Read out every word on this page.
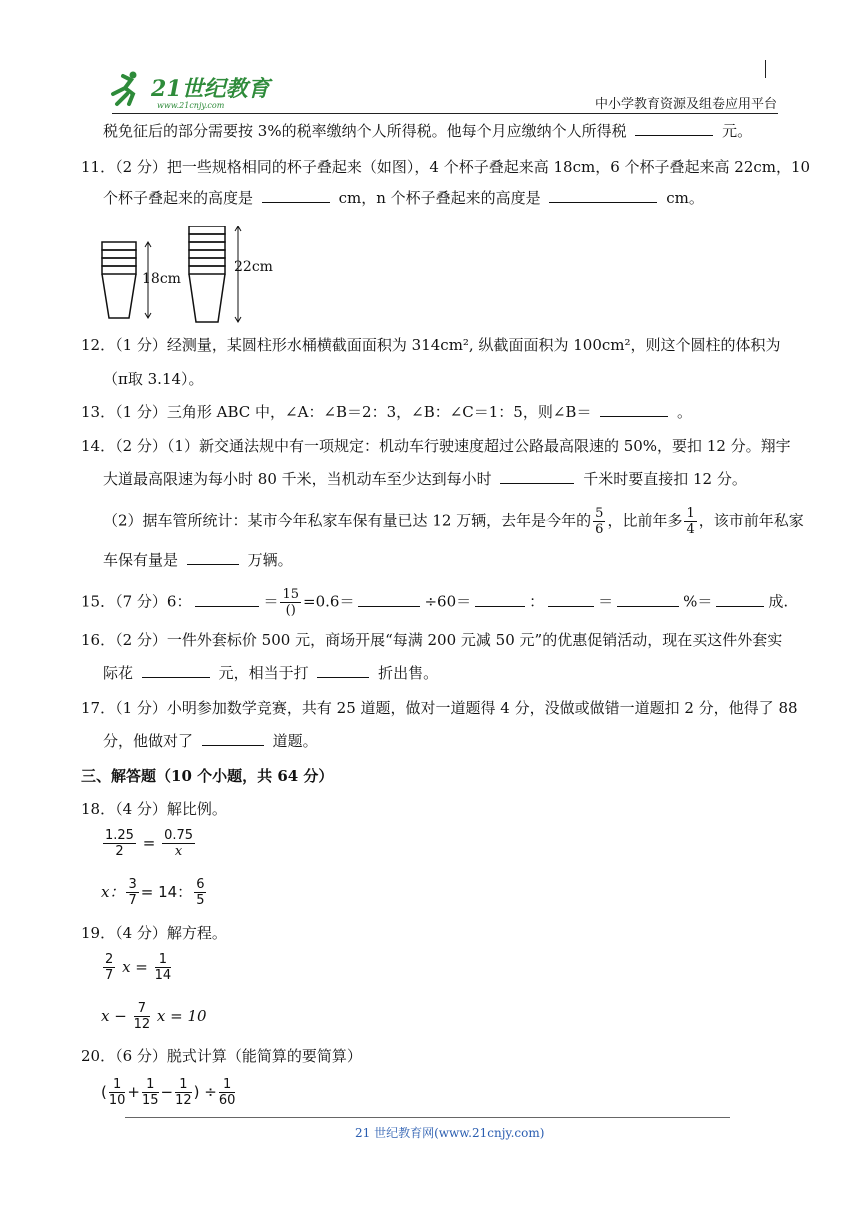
21世纪教育
www.21cnjy.com	中小学教育资源及组卷应用平台
税免征后的部分需要按 3%的税率缴纳个人所得税。他每个月应缴纳个人所得税	元。
11．（2 分）把一些规格相同的杯子叠起来（如图），4 个杯子叠起来高 18cm，6 个杯子叠起来高 22cm，10
个杯子叠起来的高度是	cm，n 个杯子叠起来的高度是	cm。
18cm
22cm
12．（1 分）经测量，某圆柱形水桶横截面面积为 314cm², 纵截面面积为 100cm²，则这个圆柱的体积为
（π取 3.14）。
13．（1 分）三角形 ABC 中，∠A：∠B＝2：3，∠B：∠C＝1：5，则∠B＝	。
14．（2 分）（1）新交通法规中有一项规定：机动车行驶速度超过公路最高限速的 50%，要扣 12 分。翔宇
大道最高限速为每小时 80 千米，当机动车至少达到每小时	千米时要直接扣 12 分。
（2）据车管所统计：某市今年私家车保有量已达 12 万辆，去年是今年的 $\frac{5}{6}$ ，比前年多 $\frac{1}{4}$ ，该市前年私家
车保有量是	万辆。
15．（7 分）6：	＝ $\frac{15}{()} =0.6=$	÷60＝	：	＝	%＝	成.
16．（2 分）一件外套标价 500 元，商场开展“每满 200 元减 50 元”的优惠促销活动，现在买这件外套实
际花	元，相当于打	折出售。
17．（1 分）小明参加数学竞赛，共有 25 道题，做对一道题得 4 分，没做或做错一道题扣 2 分，他得了 88
分，他做对了	道题。
三、解答题（10 个小题，共 64 分）
18．（4 分）解比例。
$\frac{1.25}{2} = \frac{0.75}{x}$
x： $\frac{3}{7} = 14$： $\frac{6}{5}$
19．（4 分）解方程。
$\frac{2}{7}$ $x = \frac{1}{14}$
$x - \frac{7}{12}$ x = 10
20．（6 分）脱式计算（能简算的要简算）
( $\frac{1}{10} + \frac{1}{15} - \frac{1}{12}$ ) ÷ $\frac{1}{60}$
21 世纪教育网(www.21cnjy.com)
